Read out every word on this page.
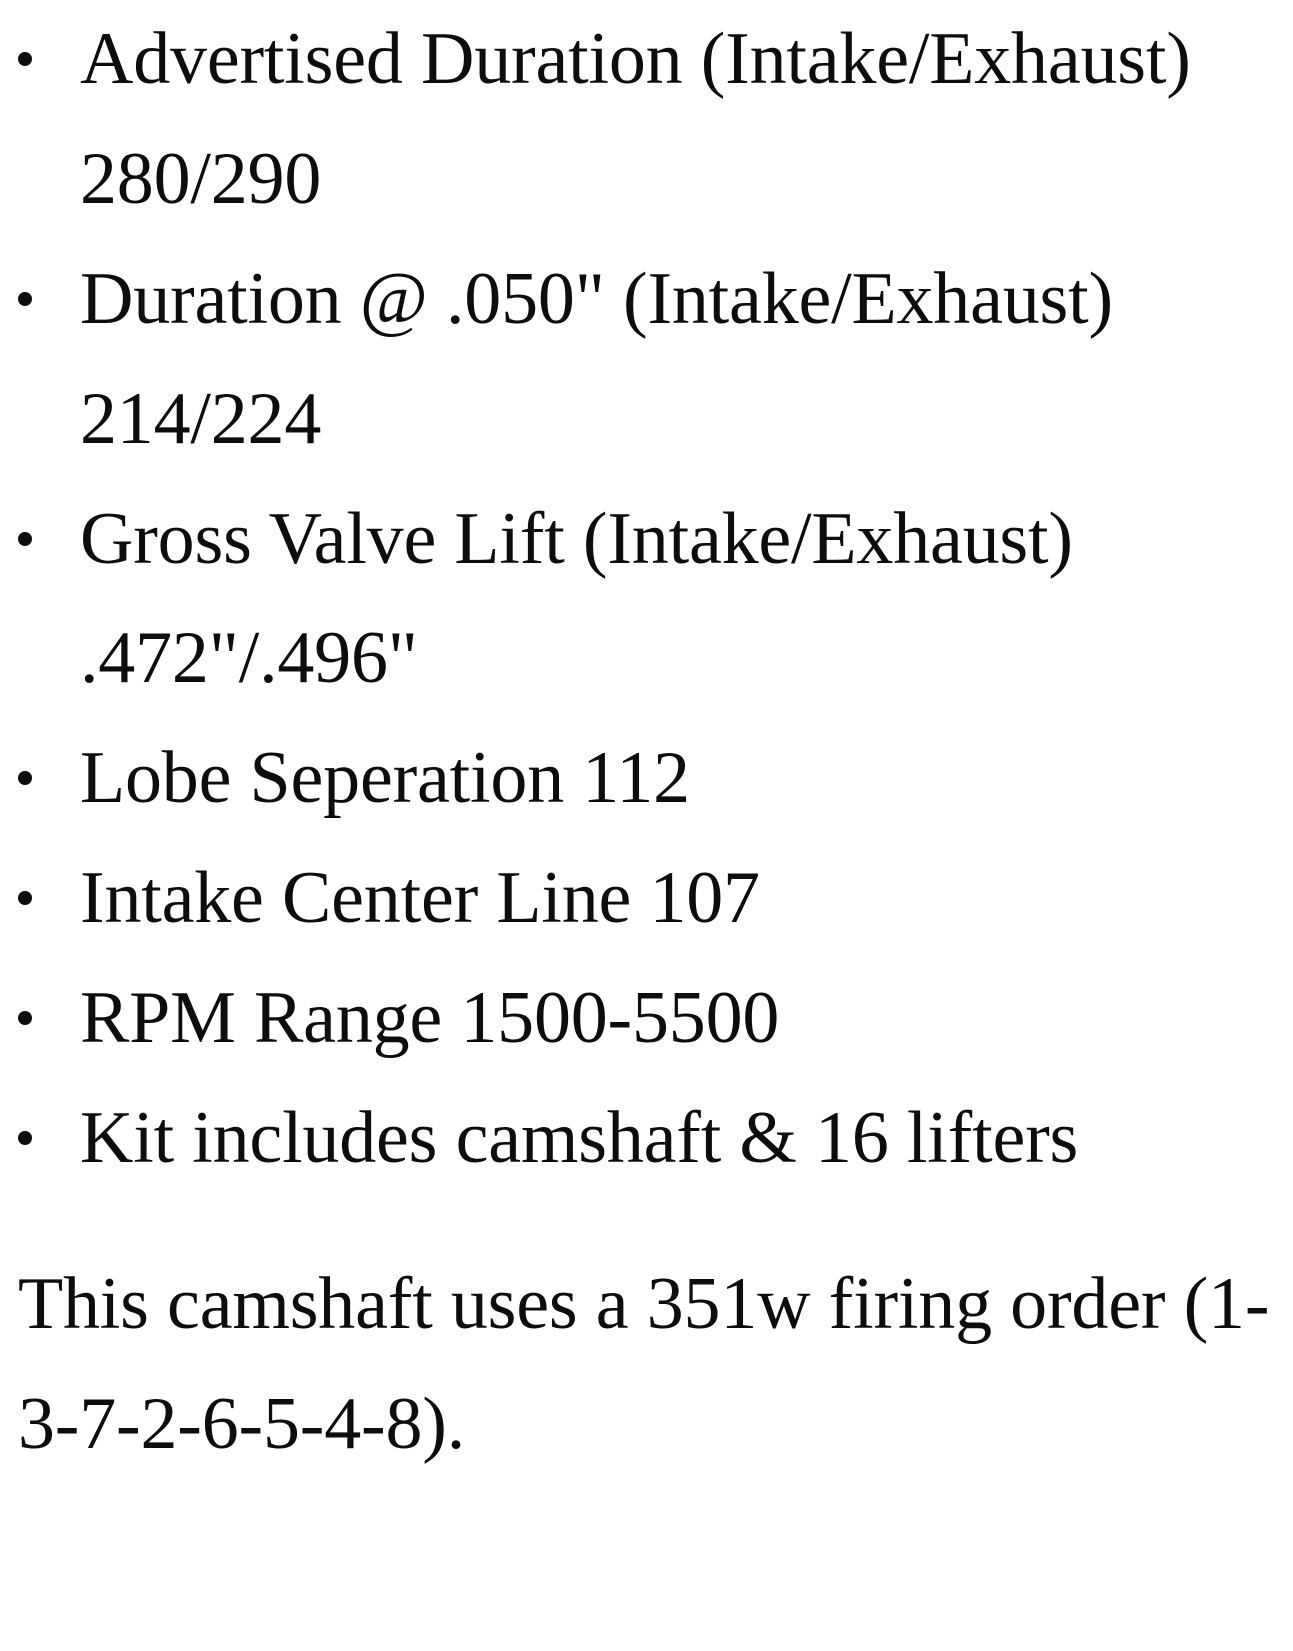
Advertised Duration (Intake/Exhaust) 280/290
Duration @ .050" (Intake/Exhaust) 214/224
Gross Valve Lift (Intake/Exhaust) .472"/.496"
Lobe Seperation 112
Intake Center Line 107
RPM Range 1500-5500
Kit includes camshaft & 16 lifters

This camshaft uses a 351w firing order (1-3-7-2-6-5-4-8).
